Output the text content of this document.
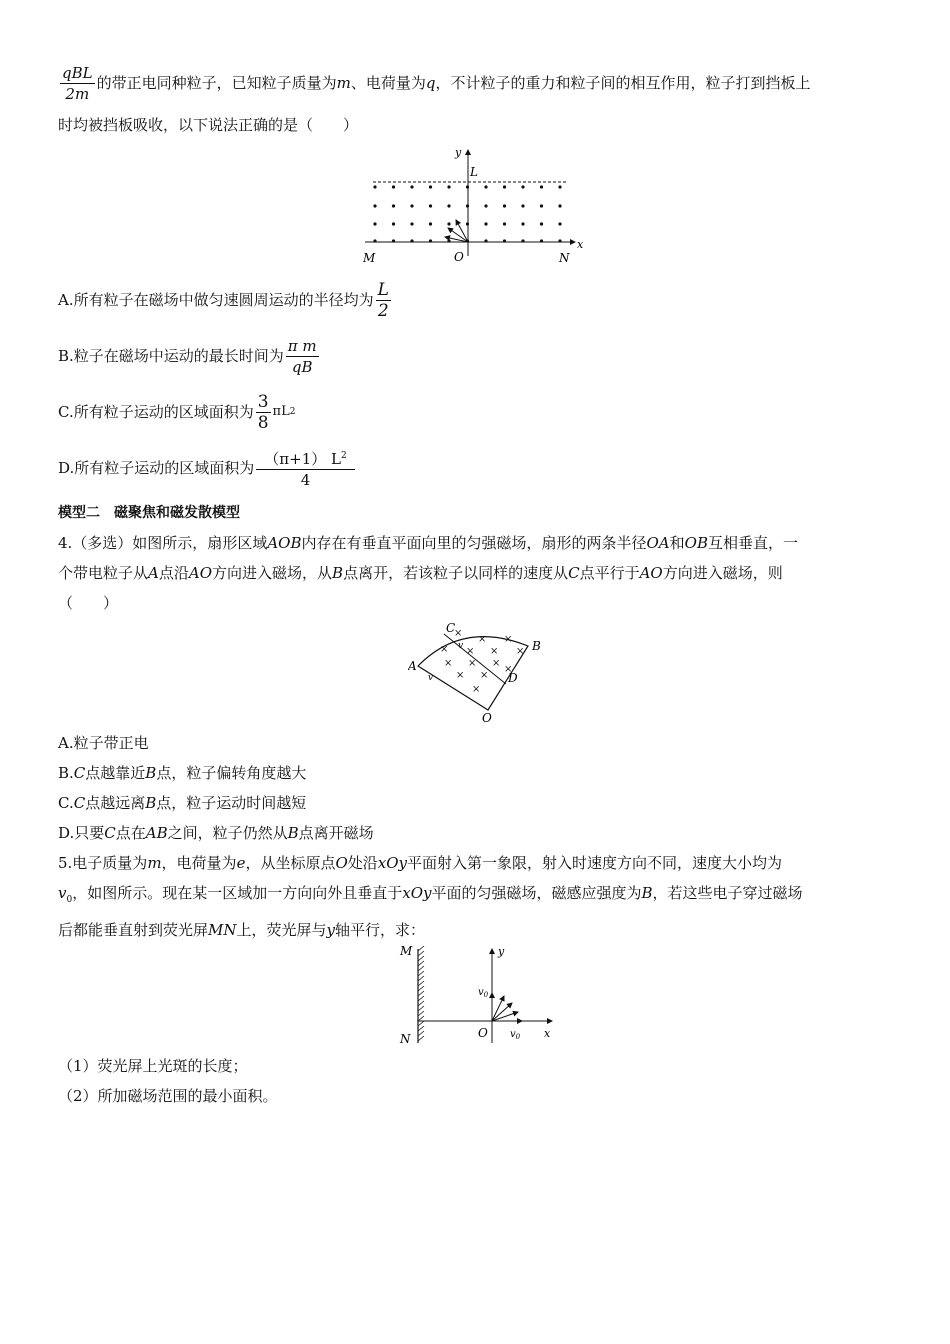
$\frac{\text{qBL}}{2m}$ 的带正电同种粒子，已知粒子质量为 m 、电荷量为 q ，不计粒子的重力和粒子间的相互作用，粒子打到挡板上
时均被挡板吸收，以下说法正确的是（　　）
y
L
x
M	O	N
A.所有粒子在磁场中做匀速圆周运动的半径均为 $\frac{L}{2}$
B.粒子在磁场中运动的最长时间为 $\frac{\text{π m}}{qB}$
C.所有粒子运动的区域面积为 $\frac{3}{8}$ πL 2
D.所有粒子运动的区域面积为 $\frac{(\pi+1) L^2}{4}$
模型二　磁聚焦和磁发散模型
4.（多选）如图所示，扇形区域AOB内存在有垂直平面向里的匀强磁场，扇形的两条半径OA和OB互相垂直，一
个带电粒子从A点沿AO方向进入磁场，从B点离开，若该粒子以同样的速度从C点平行于AO方向进入磁场，则
（　　）
×
× ×
× × × ×
× × ×
× ×
×
×
C
B
A
D
O
v
v
A.粒子带正电
B.C点越靠近B点，粒子偏转角度越大
C.C点越远离B点，粒子运动时间越短
D.只要C点在AB之间，粒子仍然从B点离开磁场
5.电子质量为m，电荷量为e，从坐标原点O处沿xOy平面射入第一象限，射入时速度方向不同，速度大小均为
$v_0$，如图所示。现在某一区域加一方向向外且垂直于xOy平面的匀强磁场，磁感应强度为B，若这些电子穿过磁场
后都能垂直射到荧光屏MN上，荧光屏与y轴平行，求：
M
N
y
$v_0$
O $v_0$ x
（1）荧光屏上光斑的长度；
（2）所加磁场范围的最小面积。
